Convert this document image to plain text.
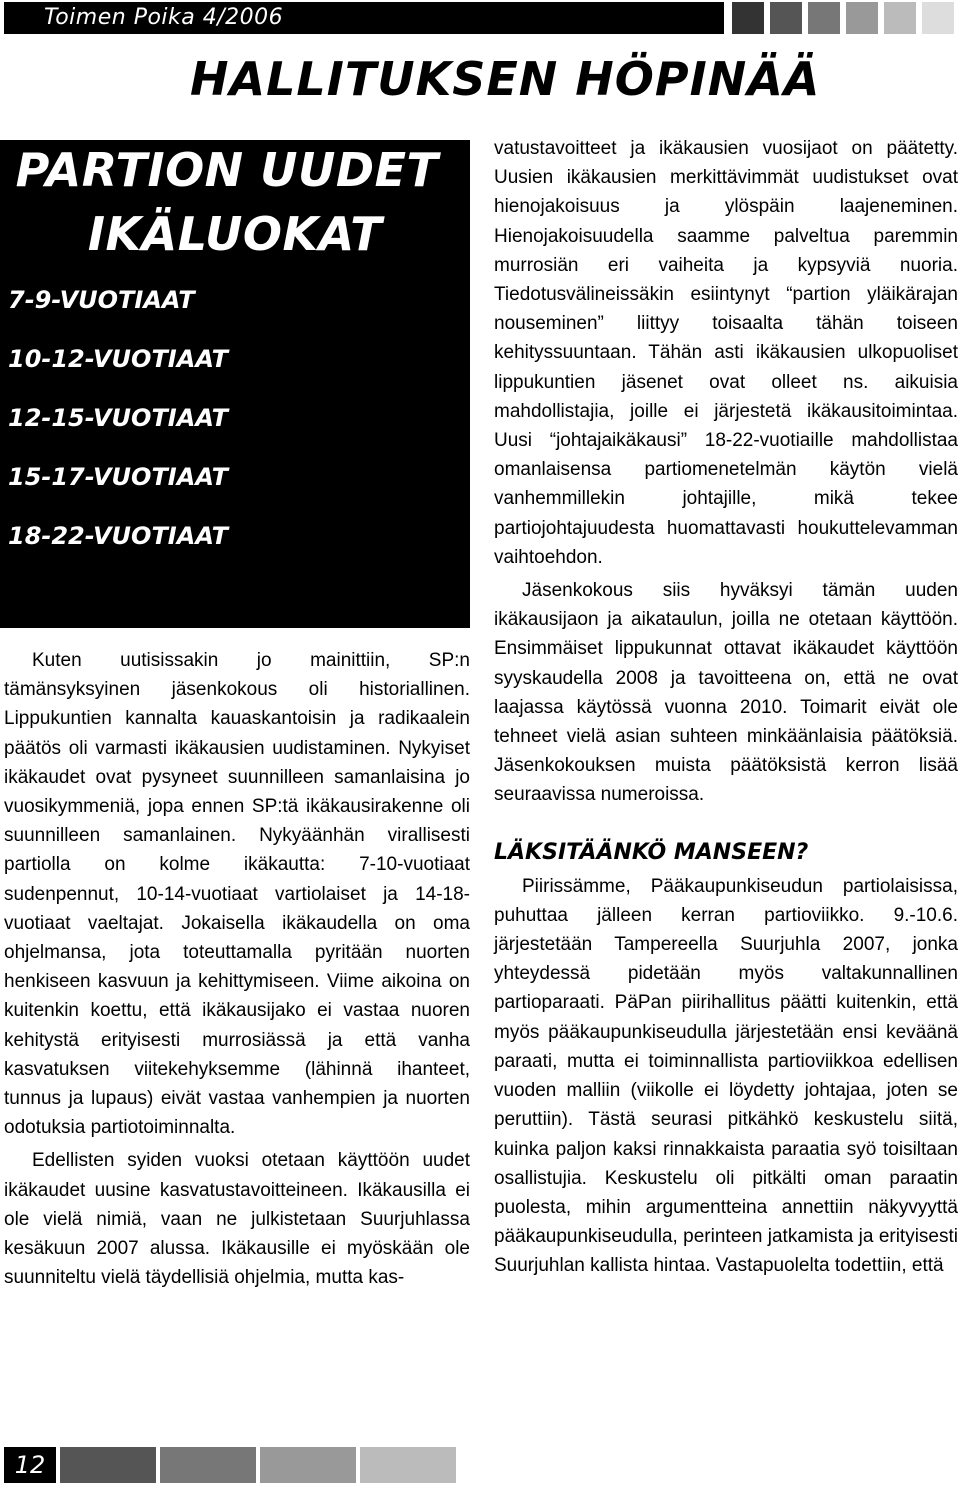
Toimen Poika 4/2006
HALLITUKSEN HÖPINÄÄ
PARTION UUDET
IKÄLUOKAT
7-9-VUOTIAAT
10-12-VUOTIAAT
12-15-VUOTIAAT
15-17-VUOTIAAT
18-22-VUOTIAAT

Kuten uutisissakin jo mainittiin, SP:n tämänsyksyinen jäsenkokous oli historiallinen. Lippukuntien kannalta kauaskantoisin ja radikaalein päätös oli varmasti ikäkausien uudistaminen. Nykyiset ikäkaudet ovat pysyneet suunnilleen samanlaisina jo vuosikymmeniä, jopa ennen SP:tä ikäkausirakenne oli suunnilleen samanlainen. Nykyäänhän virallisesti partiolla on kolme ikäkautta: 7-10-vuotiaat sudenpennut, 10-14-vuotiaat vartiolaiset ja 14-18-vuotiaat vaeltajat. Jokaisella ikäkaudella on oma ohjelmansa, jota toteuttamalla pyritään nuorten henkiseen kasvuun ja kehittymiseen. Viime aikoina on kuitenkin koettu, että ikäkausijako ei vastaa nuoren kehitystä erityisesti murrosiässä ja että vanha kasvatuksen viitekehyksemme (lähinnä ihanteet, tunnus ja lupaus) eivät vastaa vanhempien ja nuorten odotuksia partiotoiminnalta.

Edellisten syiden vuoksi otetaan käyttöön uudet ikäkaudet uusine kasvatustavoitteineen. Ikäkausilla ei ole vielä nimiä, vaan ne julkistetaan Suurjuhlassa kesäkuun 2007 alussa. Ikäkausille ei myöskään ole suunniteltu vielä täydellisiä ohjelmia, mutta kas-

vatustavoitteet ja ikäkausien vuosijaot on päätetty. Uusien ikäkausien merkittävimmät uudistukset ovat hienojakoisuus ja ylöspäin laajeneminen. Hienojakoisuudella saamme palveltua paremmin murrosiän eri vaiheita ja kypsyviä nuoria. Tiedotusvälineissäkin esiintynyt “partion yläikärajan nouseminen” liittyy toisaalta tähän toiseen kehityssuuntaan. Tähän asti ikäkausien ulkopuoliset lippukuntien jäsenet ovat olleet ns. aikuisia mahdollistajia, joille ei järjestetä ikäkausitoimintaa. Uusi “johtajaikäkausi” 18-22-vuotiaille mahdollistaa omanlaisensa partiomenetelmän käytön vielä vanhemmillekin johtajille, mikä tekee partiojohtajuudesta huomattavasti houkuttelevamman vaihtoehdon.

Jäsenkokous siis hyväksyi tämän uuden ikäkausijaon ja aikataulun, joilla ne otetaan käyttöön. Ensimmäiset lippukunnat ottavat ikäkaudet käyttöön syyskaudella 2008 ja tavoitteena on, että ne ovat laajassa käytössä vuonna 2010. Toimarit eivät ole tehneet vielä asian suhteen minkäänlaisia päätöksiä. Jäsenkokouksen muista päätöksistä kerron lisää seuraavissa numeroissa.

LÄKSITÄÄNKÖ MANSEEN?

Piirissämme, Pääkaupunkiseudun partiolaisissa, puhuttaa jälleen kerran partioviikko. 9.-10.6. järjestetään Tampereella Suurjuhla 2007, jonka yhteydessä pidetään myös valtakunnallinen partioparaati. PäPan piirihallitus päätti kuitenkin, että myös pääkaupunkiseudulla järjestetään ensi keväänä paraati, mutta ei toiminnallista partioviikkoa edellisen vuoden malliin (viikolle ei löydetty johtajaa, joten se peruttiin). Tästä seurasi pitkähkö keskustelu siitä, kuinka paljon kaksi rinnakkaista paraatia syö toisiltaan osallistujia. Keskustelu oli pitkälti oman paraatin puolesta, mihin argumentteina annettiin näkyvyyttä pääkaupunkiseudulla, perinteen jatkamista ja erityisesti Suurjuhlan kallista hintaa. Vastapuolelta todettiin, että

12
